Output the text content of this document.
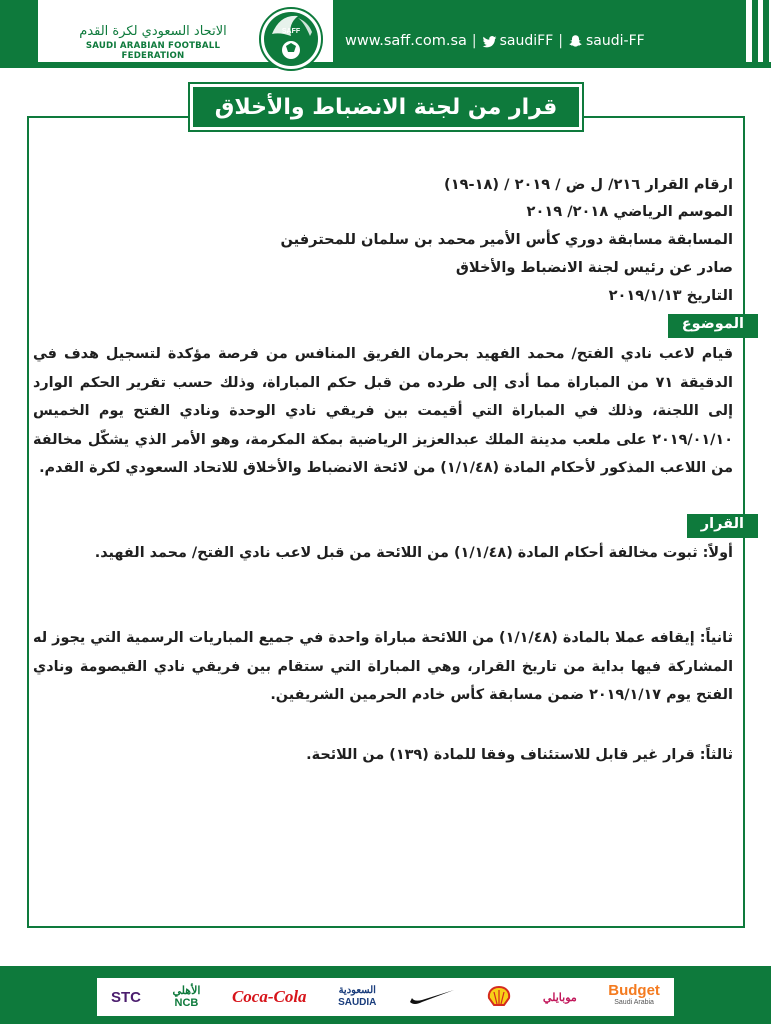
الاتحاد السعودي لكرة القدم
SAUDI ARABIAN FOOTBALL FEDERATION
SAFF
www.saff.com.sa | saudiFF | saudi-FF
قرار من لجنة الانضباط والأخلاق
ارقام القرار ٢١٦/ ل ض / ٢٠١٩ / (١٨-١٩)
الموسم الرياضي ٢٠١٨/ ٢٠١٩
المسابقة مسابقة دوري كأس الأمير محمد بن سلمان للمحترفين
صادر عن رئيس لجنة الانضباط والأخلاق
التاريخ ٢٠١٩/١/١٣
الموضوع
قيام لاعب نادي الفتح/ محمد الفهيد بحرمان الفريق المنافس من فرصة مؤكدة لتسجيل هدف في الدقيقة ٧١ من المباراة مما أدى إلى طرده من قبل حكم المباراة، وذلك حسب تقرير الحكم الوارد إلى اللجنة، وذلك في المباراة التي أقيمت بين فريقي نادي الوحدة ونادي الفتح يوم الخميس ٢٠١٩/٠١/١٠ على ملعب مدينة الملك عبدالعزيز الرياضية بمكة المكرمة، وهو الأمر الذي يشكّل مخالفة من اللاعب المذكور لأحكام المادة (١/١/٤٨) من لائحة الانضباط والأخلاق للاتحاد السعودي لكرة القدم.
القرار
أولاً: ثبوت مخالفة أحكام المادة (١/١/٤٨) من اللائحة من قبل لاعب نادي الفتح/ محمد الفهيد.
ثانياً: إيقافه عملا بالمادة (١/١/٤٨) من اللائحة مباراة واحدة في جميع المباريات الرسمية التي يجوز له المشاركة فيها بداية من تاريخ القرار، وهي المباراة التي ستقام بين فريقي نادي القيصومة ونادي الفتح يوم ٢٠١٩/١/١٧ ضمن مسابقة كأس خادم الحرمين الشريفين.
ثالثاً: قرار غير قابل للاستئناف وفقا للمادة (١٣٩) من اللائحة.
STC	الأهلي
NCB Coca-Cola	السعودية
SAUDIA	موبايلي Budget
Saudi Arabia
